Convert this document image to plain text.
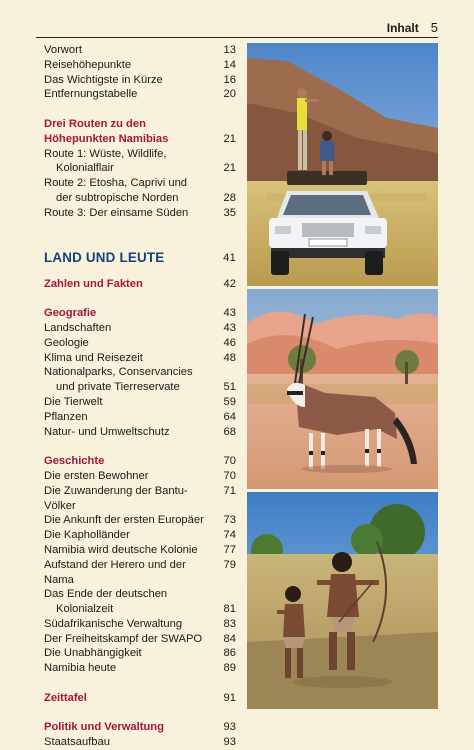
Inhalt 5
Vorwort	13
Reisehöhepunkte	14
Das Wichtigste in Kürze	16
Entfernungstabelle	20
Drei Routen zu den
Höhepunkten Namibias	21
Route 1: Wüste, Wildlife,
Kolonialflair	21
Route 2: Etosha, Caprivi und
der subtropische Norden	28
Route 3: Der einsame Süden	35
LAND UND LEUTE	41
Zahlen und Fakten	42
Geografie	43
Landschaften	43
Geologie	46
Klima und Reisezeit	48
Nationalparks, Conservancies
und private Tierreservate	51
Die Tierwelt	59
Pflanzen	64
Natur- und Umweltschutz	68
Geschichte	70
Die ersten Bewohner	70
Die Zuwanderung der Bantu-Völker
71
Die Ankunft der ersten Europäer	73
Die Kapholländer	74
Namibia wird deutsche Kolonie	77
Aufstand der Herero und der Nama
79
Das Ende der deutschen
Kolonialzeit	81
Südafrikanische Verwaltung	83
Der Freiheitskampf der SWAPO	84
Die Unabhängigkeit	86
Namibia heute	89
Zeittafel	91
Politik und Verwaltung	93
Staatsaufbau	93
